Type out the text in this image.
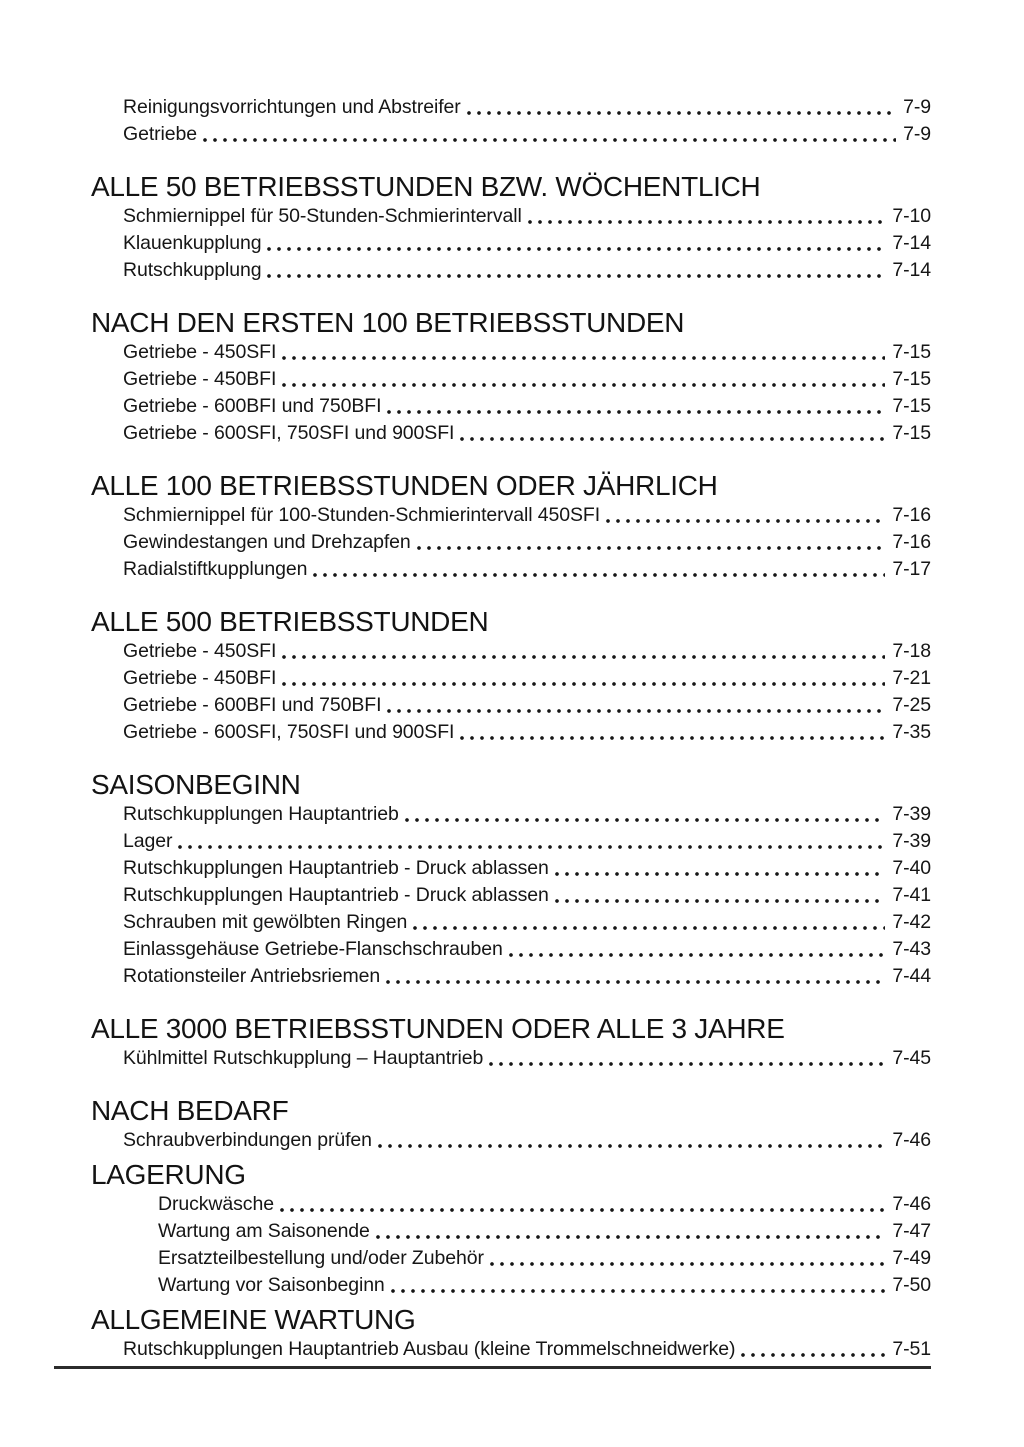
Reinigungsvorrichtungen und Abstreifer	7-9
Getriebe	7-9
ALLE 50 BETRIEBSSTUNDEN BZW. WÖCHENTLICH
Schmiernippel für 50-Stunden-Schmierintervall	7-10
Klauenkupplung	7-14
Rutschkupplung	7-14
NACH DEN ERSTEN 100 BETRIEBSSTUNDEN
Getriebe - 450SFI	7-15
Getriebe - 450BFI	7-15
Getriebe - 600BFI und 750BFI	7-15
Getriebe - 600SFI, 750SFI und 900SFI	7-15
ALLE 100 BETRIEBSSTUNDEN ODER JÄHRLICH
Schmiernippel für 100-Stunden-Schmierintervall 450SFI	7-16
Gewindestangen und Drehzapfen	7-16
Radialstiftkupplungen	7-17
ALLE 500 BETRIEBSSTUNDEN
Getriebe - 450SFI	7-18
Getriebe - 450BFI	7-21
Getriebe - 600BFI und 750BFI	7-25
Getriebe - 600SFI, 750SFI und 900SFI	7-35
SAISONBEGINN
Rutschkupplungen Hauptantrieb	7-39
Lager	7-39
Rutschkupplungen Hauptantrieb - Druck ablassen	7-40
Rutschkupplungen Hauptantrieb - Druck ablassen	7-41
Schrauben mit gewölbten Ringen	7-42
Einlassgehäuse Getriebe-Flanschschrauben	7-43
Rotationsteiler Antriebsriemen	7-44
ALLE 3000 BETRIEBSSTUNDEN ODER ALLE 3 JAHRE
Kühlmittel Rutschkupplung – Hauptantrieb	7-45
NACH BEDARF
Schraubverbindungen prüfen	7-46
LAGERUNG
Druckwäsche	7-46
Wartung am Saisonende	7-47
Ersatzteilbestellung und/oder Zubehör	7-49
Wartung vor Saisonbeginn	7-50
ALLGEMEINE WARTUNG
Rutschkupplungen Hauptantrieb Ausbau (kleine Trommelschneidwerke)	7-51
